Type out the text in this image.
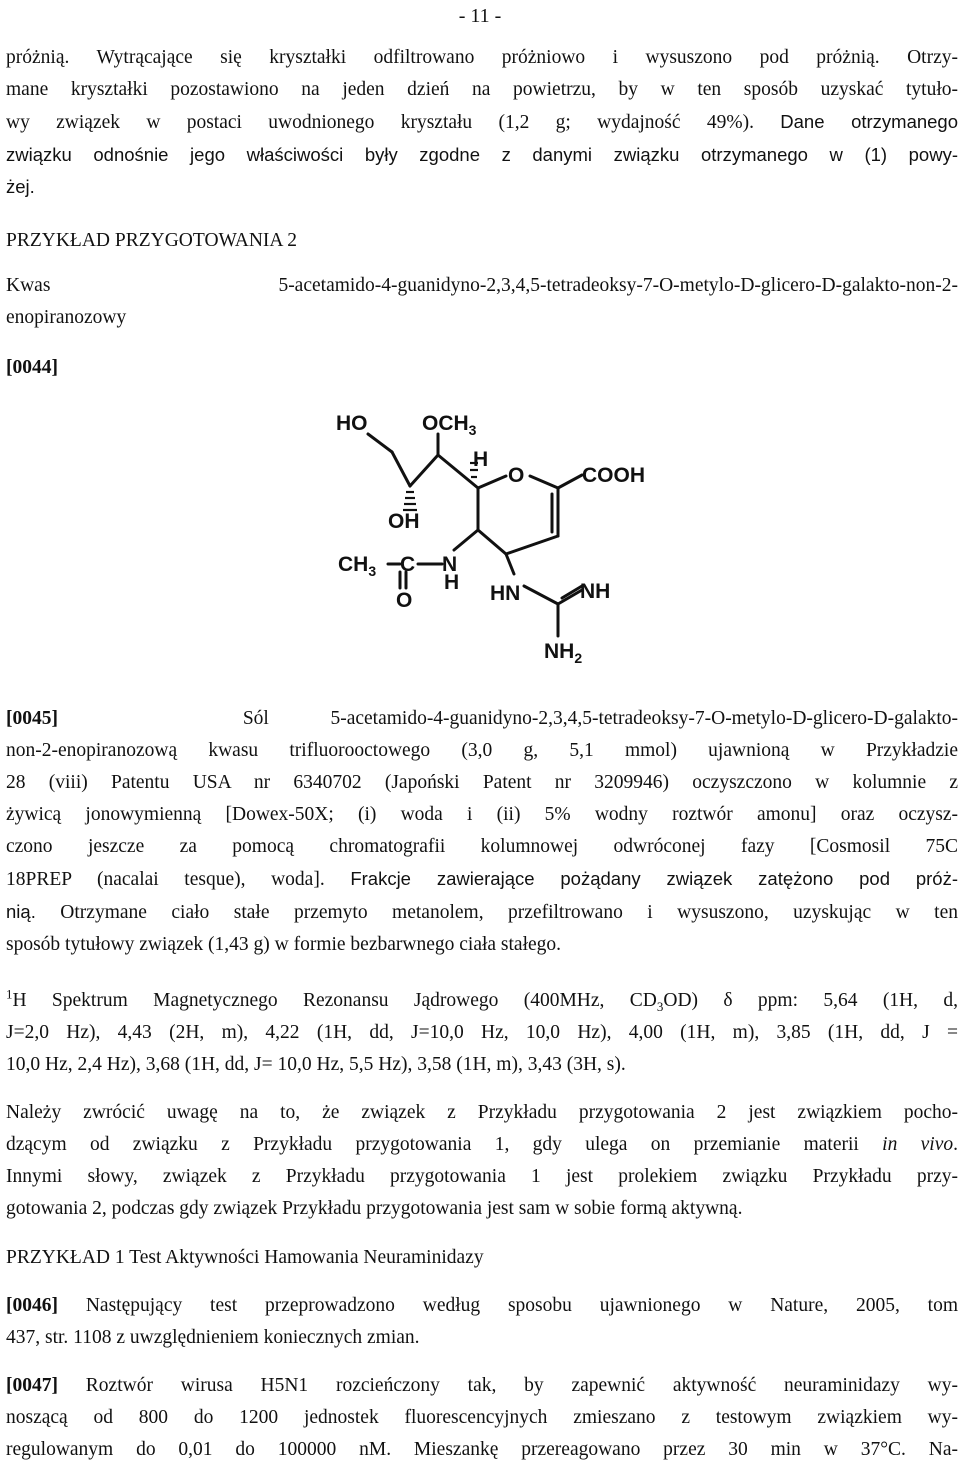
- 11 -
próżnią. Wytrącające się kryształki odfiltrowano próżniowo i wysuszono pod próżnią. Otrzy-
mane kryształki pozostawiono na jeden dzień na powietrzu, by w ten sposób uzyskać tytuło-
wy związek w postaci uwodnionego kryształu (1,2 g; wydajność 49%). Dane otrzymanego
związku odnośnie jego właściwości były zgodne z danymi związku otrzymanego w (1) powy-
żej.
PRZYKŁAD PRZYGOTOWANIA 2
Kwas 5-acetamido-4-guanidyno-2,3,4,5-tetradeoksy-7-O-metylo-D-glicero-D-galakto-non-2-
enopiranozowy
[0044]
HO	$OCH_3$
H
O	COOH
OH
$CH_3$ C N
H
O	HN	NH
$NH_2$
[0045]	Sól 5-acetamido-4-guanidyno-2,3,4,5-tetradeoksy-7-O-metylo-D-glicero-D-galakto-
non-2-enopiranozową kwasu trifluorooctowego (3,0 g, 5,1 mmol) ujawnioną w Przykładzie
28 (viii) Patentu USA nr 6340702 (Japoński Patent nr 3209946) oczyszczono w kolumnie z
żywicą jonowymienną [Dowex-50X; (i) woda i (ii) 5% wodny roztwór amonu] oraz oczysz-
czono jeszcze za pomocą chromatografii kolumnowej odwróconej fazy [Cosmosil 75C
18PREP (nacalai tesque), woda]. Frakcje zawierające pożądany związek zatężono pod próż-
nią. Otrzymane ciało stałe przemyto metanolem, przefiltrowano i wysuszono, uzyskując w ten
sposób tytułowy związek (1,43 g) w formie bezbarwnego ciała stałego.
$^1$H Spektrum Magnetycznego Rezonansu Jądrowego (400MHz, $CD_3OD$) δ ppm: 5,64 (1H, d,
J=2,0 Hz), 4,43 (2H, m), 4,22 (1H, dd, J=10,0 Hz, 10,0 Hz), 4,00 (1H, m), 3,85 (1H, dd, J =
10,0 Hz, 2,4 Hz), 3,68 (1H, dd, J= 10,0 Hz, 5,5 Hz), 3,58 (1H, m), 3,43 (3H, s).
Należy zwrócić uwagę na to, że związek z Przykładu przygotowania 2 jest związkiem pocho-
dzącym od związku z Przykładu przygotowania 1, gdy ulega on przemianie materii in vivo.
Innymi słowy, związek z Przykładu przygotowania 1 jest prolekiem związku Przykładu przy-
gotowania 2, podczas gdy związek Przykładu przygotowania jest sam w sobie formą aktywną.
PRZYKŁAD 1 Test Aktywności Hamowania Neuraminidazy
[0046] Następujący test przeprowadzono według sposobu ujawnionego w Nature, 2005, tom
437, str. 1108 z uwzględnieniem koniecznych zmian.
[0047] Roztwór wirusa H5N1 rozcieńczony tak, by zapewnić aktywność neuraminidazy wy-
noszącą od 800 do 1200 jednostek fluorescencyjnych zmieszano z testowym związkiem wy-
regulowanym do 0,01 do 100000 nM. Mieszankę przereagowano przez 30 min w 37°C. Na-
